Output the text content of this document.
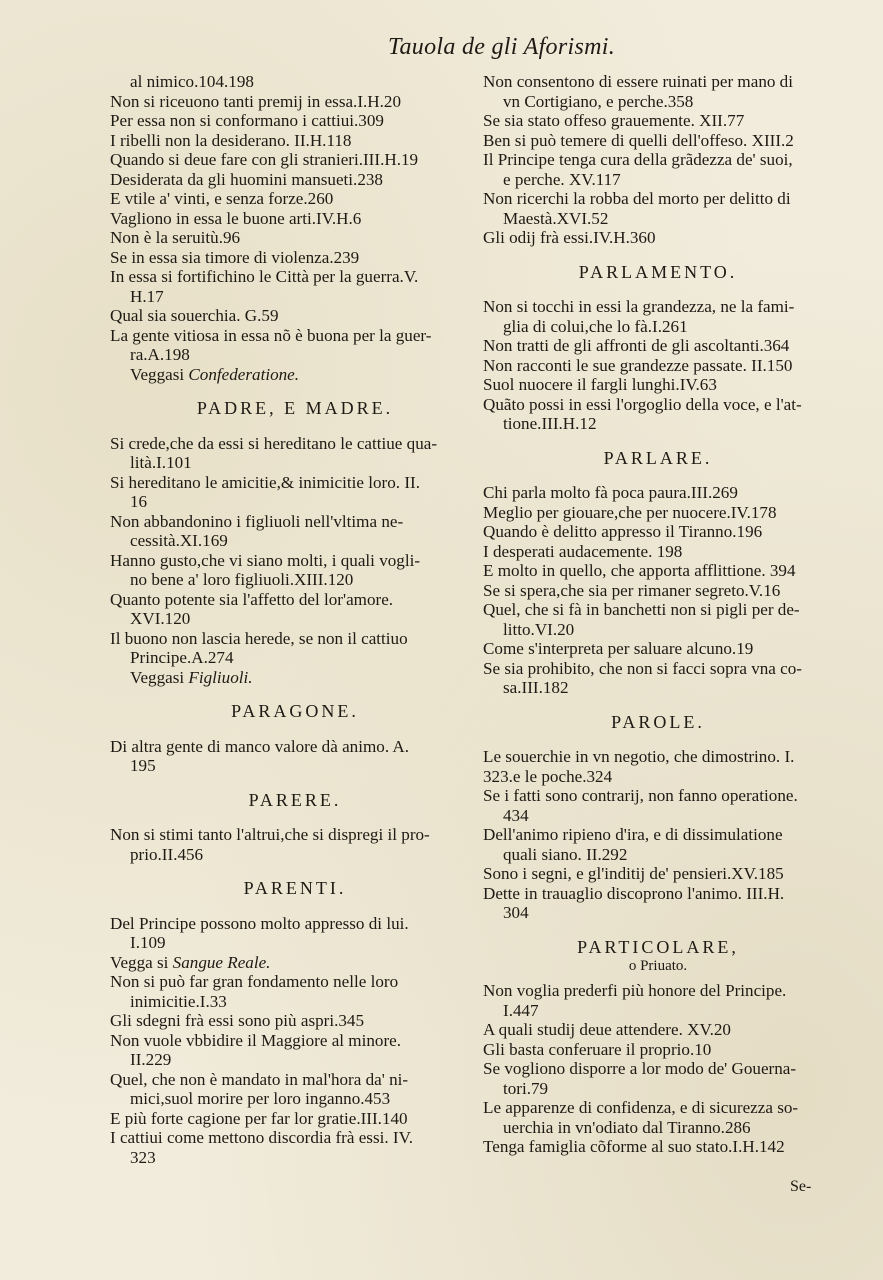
Tauola de gli Aforismi.
al nimico.104.198
Non si riceuono tanti premij in essa.I.H.20
Per essa non si conformano i cattiui.309
I ribelli non la desiderano. II.H.118
Quando si deue fare con gli stranieri.III.H.19
Desiderata da gli huomini mansueti.238
E vtile a' vinti, e senza forze.260
Vagliono in essa le buone arti.IV.H.6
Non è la seruitù.96
Se in essa sia timore di violenza.239
In essa si fortifichino le Città per la guerra.V.
H.17
Qual sia souerchia. G.59
La gente vitiosa in essa nõ è buona per la guer-
ra.A.198
Veggasi Confederatione.
PADRE, E MADRE.
Si crede,che da essi si hereditano le cattiue qua-
lità.I.101
Si hereditano le amicitie,& inimicitie loro. II.
16
Non abbandonino i figliuoli nell'vltima ne-
cessità.XI.169
Hanno gusto,che vi siano molti, i quali vogli-
no bene a' loro figliuoli.XIII.120
Quanto potente sia l'affetto del lor'amore.
XVI.120
Il buono non lascia herede, se non il cattiuo
Principe.A.274
Veggasi Figliuoli.
PARAGONE.
Di altra gente di manco valore dà animo. A.
195
PARERE.
Non si stimi tanto l'altrui,che si dispregi il pro-
prio.II.456
PARENTI.
Del Principe possono molto appresso di lui.
I.109
Vegga si Sangue Reale.
Non si può far gran fondamento nelle loro
inimicitie.I.33
Gli sdegni frà essi sono più aspri.345
Non vuole vbbidire il Maggiore al minore.
II.229
Quel, che non è mandato in mal'hora da' ni-
mici,suol morire per loro inganno.453
E più forte cagione per far lor gratie.III.140
I cattiui come mettono discordia frà essi. IV.
323
Non consentono di essere ruinati per mano di
vn Cortigiano, e perche.358
Se sia stato offeso grauemente. XII.77
Ben si può temere di quelli dell'offeso. XIII.2
Il Principe tenga cura della grãdezza de' suoi,
e perche. XV.117
Non ricerchi la robba del morto per delitto di
Maestà.XVI.52
Gli odij frà essi.IV.H.360
PARLAMENTO.
Non si tocchi in essi la grandezza, ne la fami-
glia di colui,che lo fà.I.261
Non tratti de gli affronti de gli ascoltanti.364
Non racconti le sue grandezze passate. II.150
Suol nuocere il fargli lunghi.IV.63
Quãto possi in essi l'orgoglio della voce, e l'at-
tione.III.H.12
PARLARE.
Chi parla molto fà poca paura.III.269
Meglio per giouare,che per nuocere.IV.178
Quando è delitto appresso il Tiranno.196
I desperati audacemente. 198
E molto in quello, che apporta afflittione. 394
Se si spera,che sia per rimaner segreto.V.16
Quel, che si fà in banchetti non si pigli per de-
litto.VI.20
Come s'interpreta per saluare alcuno.19
Se sia prohibito, che non si facci sopra vna co-
sa.III.182
PAROLE.
Le souerchie in vn negotio, che dimostrino. I.
323.e le poche.324
Se i fatti sono contrarij, non fanno operatione.
434
Dell'animo ripieno d'ira, e di dissimulatione
quali siano. II.292
Sono i segni, e gl'inditij de' pensieri.XV.185
Dette in trauaglio discoprono l'animo. III.H.
304
PARTICOLARE,
o Priuato.
Non voglia prederfi più honore del Principe.
I.447
A quali studij deue attendere. XV.20
Gli basta conferuare il proprio.10
Se vogliono disporre a lor modo de' Gouerna-
tori.79
Le apparenze di confidenza, e di sicurezza so-
uerchia in vn'odiato dal Tiranno.286
Tenga famiglia cõforme al suo stato.I.H.142
Se-
